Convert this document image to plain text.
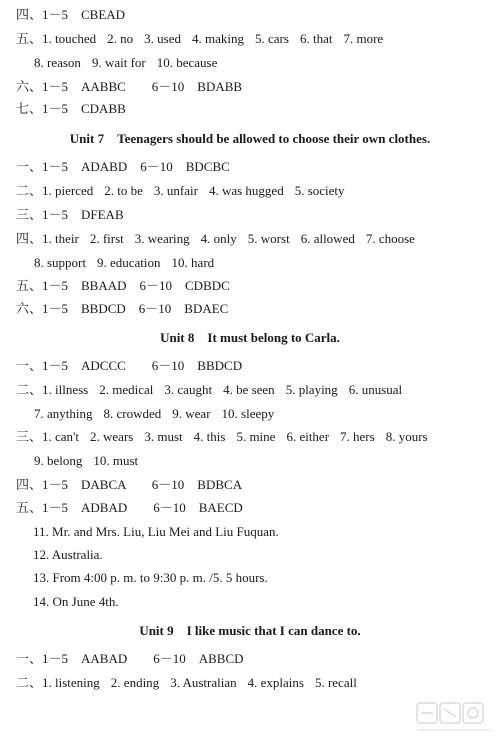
四、1－5　CBEAD
五、1. touched 2. no 3. used 4. making 5. cars 6. that 7. more
8. reason 9. wait for 10. because
六、1－5　AABBC　　6－10　BDABB
七、1－5　CDABB
Unit 7　Teenagers should be allowed to choose their own clothes.
一、1－5　ADABD　6－10　BDCBC
二、1. pierced 2. to be 3. unfair 4. was hugged 5. society
三、1－5　DFEAB
四、1. their 2. first 3. wearing 4. only 5. worst 6. allowed 7. choose
8. support 9. education 10. hard
五、1－5　BBAAD　6－10　CDBDC
六、1－5　BBDCD　6－10　BDAEC
Unit 8　It must belong to Carla.
一、1－5　ADCCC　　6－10　BBDCD
二、1. illness 2. medical 3. caught 4. be seen 5. playing 6. unusual
7. anything 8. crowded 9. wear 10. sleepy
三、1. can't 2. wears 3. must 4. this 5. mine 6. either 7. hers 8. yours
9. belong 10. must
四、1－5　DABCA　　6－10　BDBCA
五、1－5　ADBAD　　6－10　BAECD
11. Mr. and Mrs. Liu, Liu Mei and Liu Fuquan.
12. Australia.
13. From 4:00 p. m. to 9:30 p. m. /5. 5 hours.
14. On June 4th.
Unit 9　I like music that I can dance to.
一、1－5　AABAD　　6－10　ABBCD
二、1. listening 2. ending 3. Australian 4. explains 5. recall
